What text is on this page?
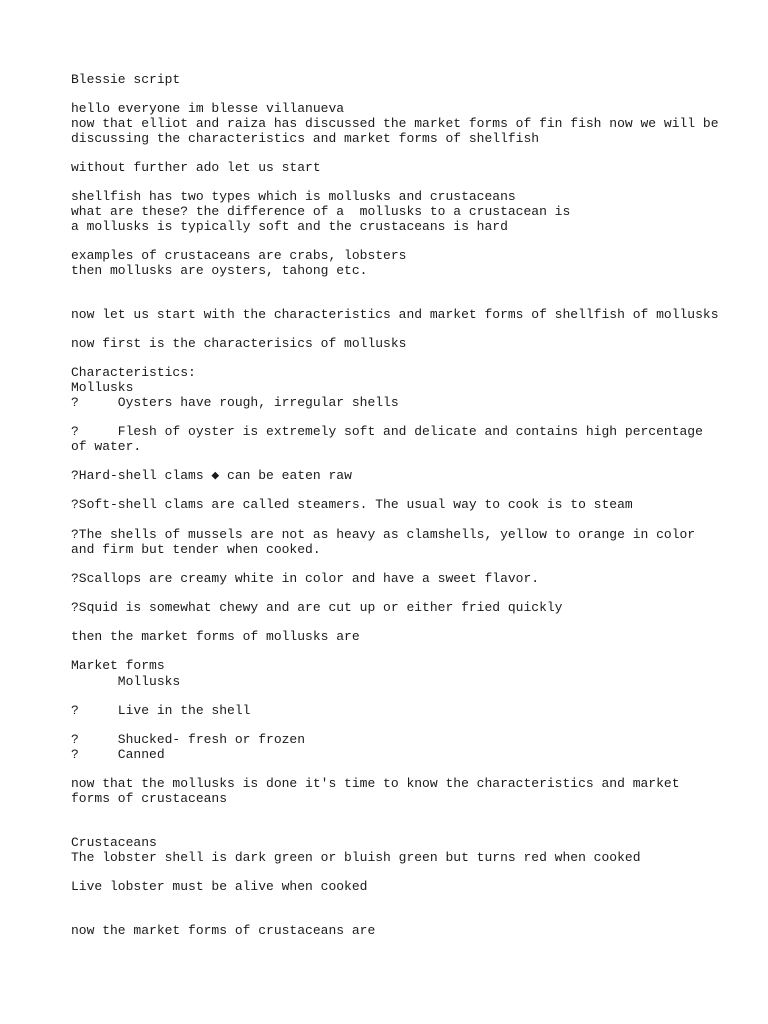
Blessie script
hello everyone im blesse villanueva
now that elliot and raiza has discussed the market forms of fin fish now we will be
discussing the characteristics and market forms of shellfish
without further ado let us start
shellfish has two types which is mollusks and crustaceans
what are these? the difference of a  mollusks to a crustacean is
a mollusks is typically soft and the crustaceans is hard
examples of crustaceans are crabs, lobsters
then mollusks are oysters, tahong etc.
now let us start with the characteristics and market forms of shellfish of mollusks
now first is the characterisics of mollusks
Characteristics:
Mollusks
?     Oysters have rough, irregular shells
?     Flesh of oyster is extremely soft and delicate and contains high percentage
of water.
?Hard-shell clams ◆ can be eaten raw
?Soft-shell clams are called steamers. The usual way to cook is to steam
?The shells of mussels are not as heavy as clamshells, yellow to orange in color
and firm but tender when cooked.
?Scallops are creamy white in color and have a sweet flavor.
?Squid is somewhat chewy and are cut up or either fried quickly
then the market forms of mollusks are
Market forms
Mollusks
?     Live in the shell
?     Shucked- fresh or frozen
?     Canned
now that the mollusks is done it's time to know the characteristics and market
forms of crustaceans
Crustaceans
The lobster shell is dark green or bluish green but turns red when cooked
Live lobster must be alive when cooked
now the market forms of crustaceans are
